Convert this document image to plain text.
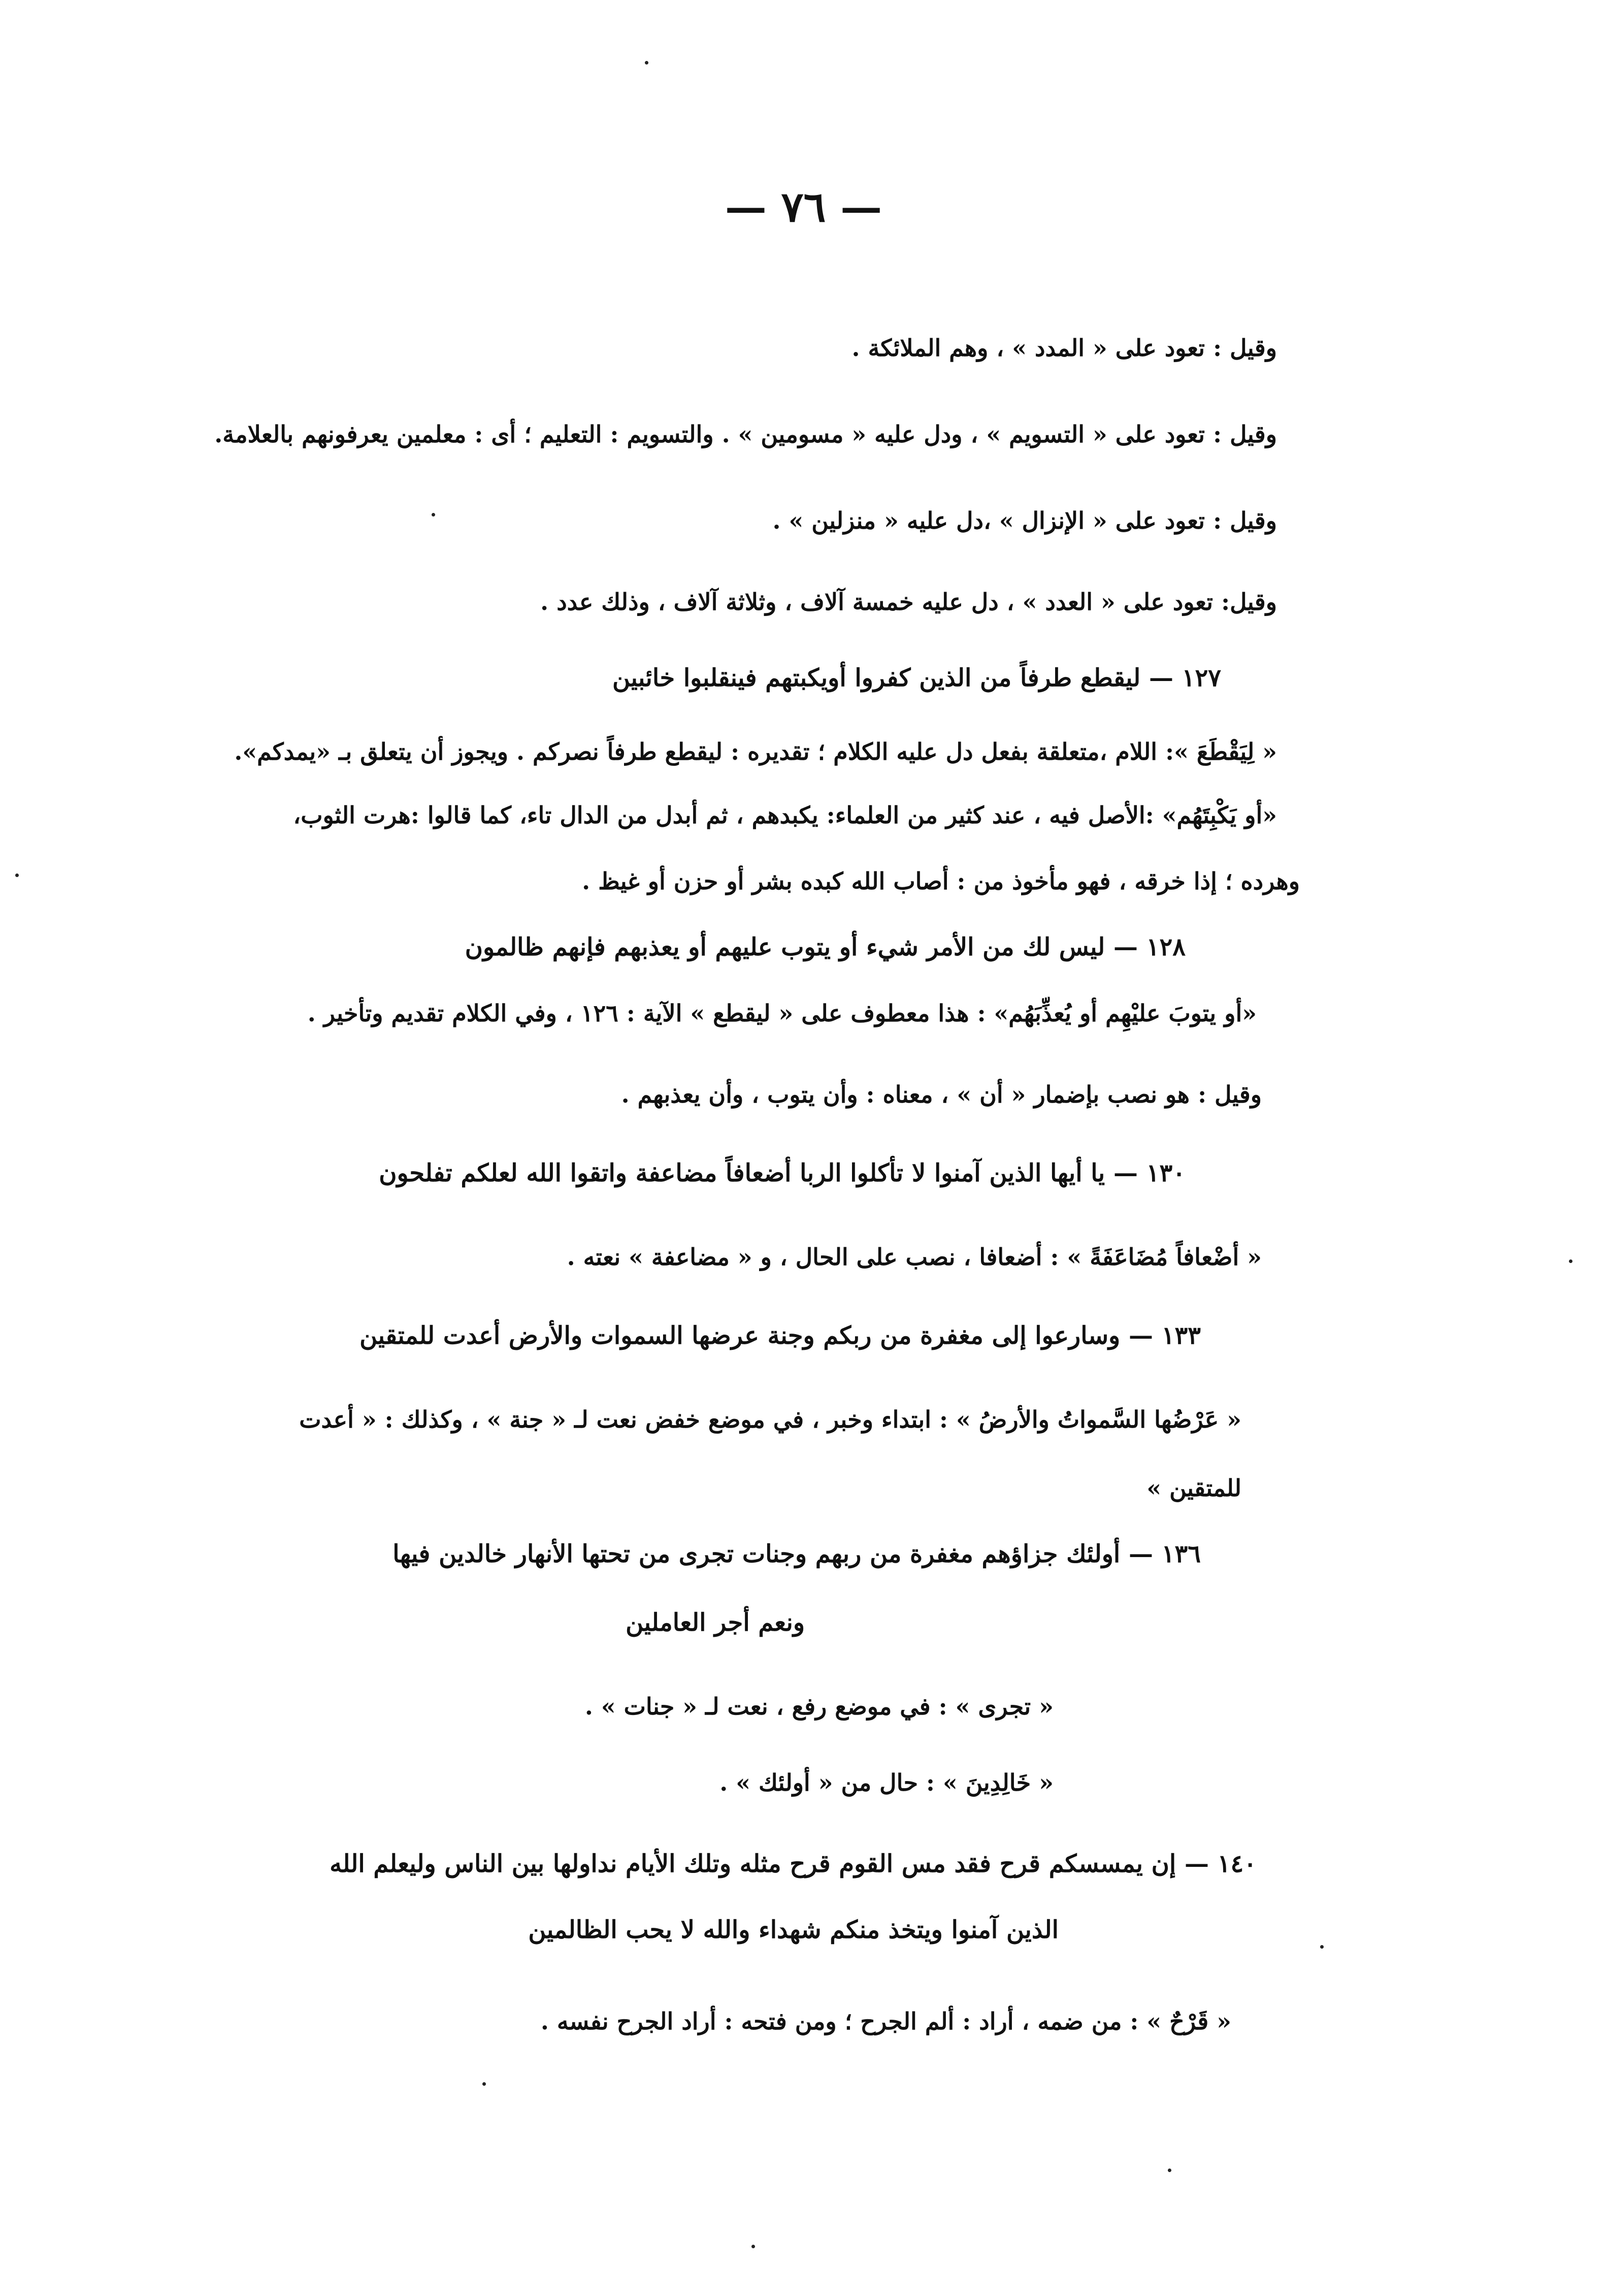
— ٧٦ —
وقيل : تعود على « المدد » ، وهم الملائكة .
وقيل : تعود على « التسويم » ، ودل عليه « مسومين » . والتسويم : التعليم ؛ أى : معلمين يعرفونهم بالعلامة.
وقيل : تعود على « الإنزال » ،دل عليه « منزلين » .
وقيل: تعود على « العدد » ، دل عليه خمسة آلاف ، وثلاثة آلاف ، وذلك عدد .
١٢٧ — ليقطع طرفاً من الذين كفروا أويكبتهم فينقلبوا خائبين
« لِيَقْطَعَ »: اللام ،متعلقة بفعل دل عليه الكلام ؛ تقديره : ليقطع طرفاً نصركم . ويجوز أن يتعلق بـ «يمدكم».
«أو يَكْبِتَهُم» :الأصل فيه ، عند كثير من العلماء: يكبدهم ، ثم أبدل من الدال تاء، كما قالوا :هرت الثوب،
وهرده ؛ إذا خرقه ، فهو مأخوذ من : أصاب الله كبده بشر أو حزن أو غيظ .
١٢٨ — ليس لك من الأمر شيء أو يتوب عليهم أو يعذبهم فإنهم ظالمون
«أو يتوبَ عليْهِم أو يُعذِّبَهُم» : هذا معطوف على « ليقطع » الآية : ١٢٦ ، وفي الكلام تقديم وتأخير .
وقيل : هو نصب بإضمار « أن » ، معناه : وأن يتوب ، وأن يعذبهم .
١٣٠ — يا أيها الذين آمنوا لا تأكلوا الربا أضعافاً مضاعفة واتقوا الله لعلكم تفلحون
« أضْعافاً مُضَاعَفَةً » : أضعافا ، نصب على الحال ، و « مضاعفة » نعته .
١٣٣ — وسارعوا إلى مغفرة من ربكم وجنة عرضها السموات والأرض أعدت للمتقين
« عَرْضُها السَّمواتُ والأرضُ » : ابتداء وخبر ، في موضع خفض نعت لـ « جنة » ، وكذلك : « أعدت
للمتقين »
١٣٦ — أولئك جزاؤهم مغفرة من ربهم وجنات تجرى من تحتها الأنهار خالدين فيها
ونعم أجر العاملين
« تجرى » : في موضع رفع ، نعت لـ « جنات » .
« خَالِدِينَ » : حال من « أولئك » .
١٤٠ — إن يمسسكم قرح فقد مس القوم قرح مثله وتلك الأيام نداولها بين الناس وليعلم الله
الذين آمنوا ويتخذ منكم شهداء والله لا يحب الظالمين
« قَرْحٌ » : من ضمه ، أراد : ألم الجرح ؛ ومن فتحه : أراد الجرح نفسه .
